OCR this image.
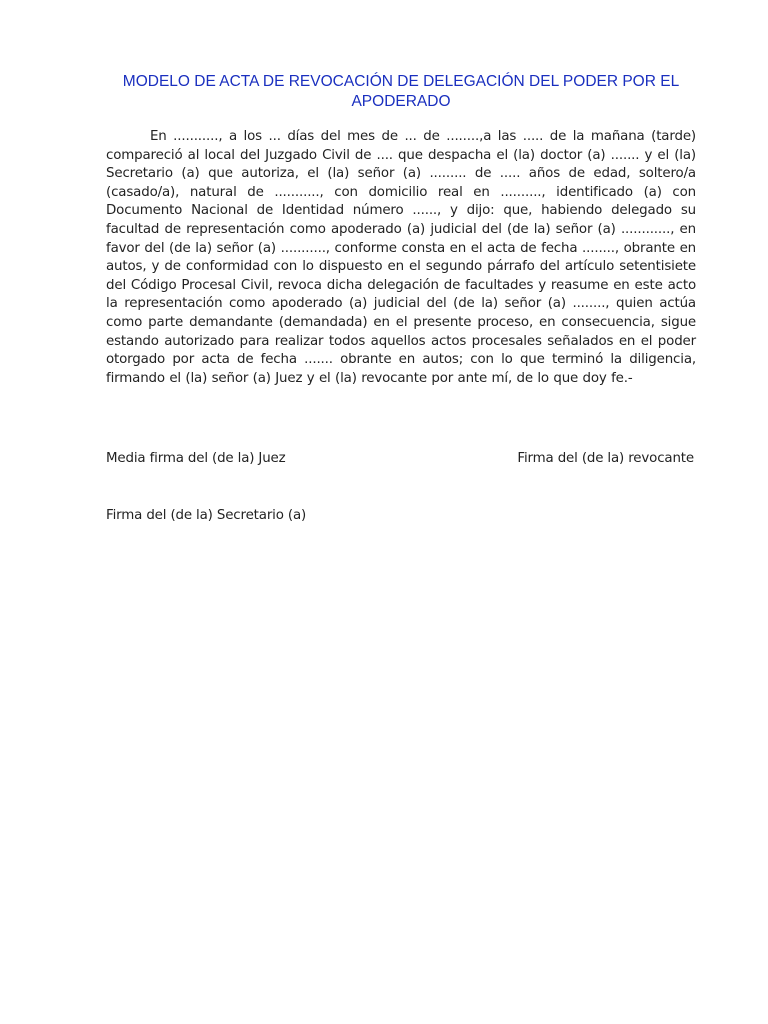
MODELO DE ACTA DE REVOCACIÓN DE DELEGACIÓN DEL PODER POR EL APODERADO

En ..........., a los ... días del mes de ... de ........,a las ..... de la mañana (tarde) compareció al local del Juzgado Civil de .... que despacha el (la) doctor (a) ....... y el (la) Secretario (a) que autoriza, el (la) señor (a) ......... de ..... años de edad, soltero/a (casado/a), natural de ..........., con domicilio real en .........., identificado (a) con Documento Nacional de Identidad número ......, y dijo: que, habiendo delegado su facultad de representación como apoderado (a) judicial del (de la) señor (a) ............, en favor del (de la) señor (a) ..........., conforme consta en el acta de fecha ........, obrante en autos, y de conformidad con lo dispuesto en el segundo párrafo del artículo setentisiete del Código Procesal Civil, revoca dicha delegación de facultades y reasume en este acto la representación como apoderado (a) judicial del (de la) señor (a) ........, quien actúa como parte demandante (demandada) en el presente proceso, en consecuencia, sigue estando autorizado para realizar todos aquellos actos procesales señalados en el poder otorgado por acta de fecha ....... obrante en autos; con lo que terminó la diligencia, firmando el (la) señor (a) Juez y el (la) revocante por ante mí, de lo que doy fe.-

Media firma del (de la) Juez	Firma del (de la) revocante
Firma del (de la) Secretario (a)
